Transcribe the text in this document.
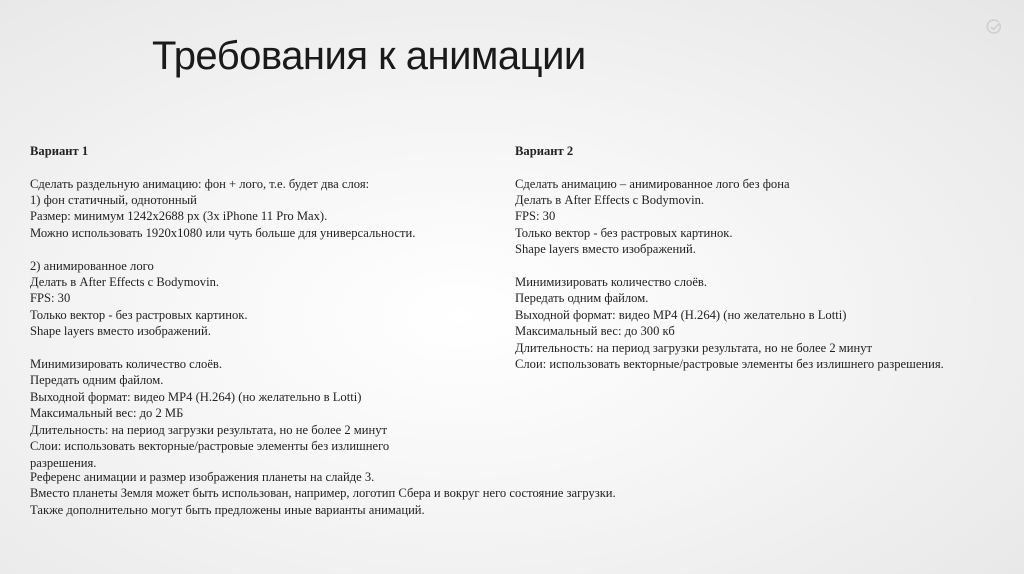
Требования к анимации

Вариант 1

Сделать раздельную анимацию: фон + лого, т.е. будет два слоя:
1) фон статичный, однотонный
Размер: минимум 1242x2688 px (3x iPhone 11 Pro Max).
Можно использовать 1920x1080 или чуть больше для универсальности.
2) анимированное лого
Делать в After Effects с Bodymovin.
FPS: 30
Только вектор - без растровых картинок.
Shape layers вместо изображений.
Минимизировать количество слоёв.
Передать одним файлом.
Выходной формат: видео MP4 (H.264) (но желательно в Lotti)
Максимальный вес: до 2 МБ
Длительность: на период загрузки результата, но не более 2 минут
Слои: использовать векторные/растровые элементы без излишнего
разрешения.

Вариант 2

Сделать анимацию – анимированное лого без фона
Делать в After Effects с Bodymovin.
FPS: 30
Только вектор - без растровых картинок.
Shape layers вместо изображений.
Минимизировать количество слоёв.
Передать одним файлом.
Выходной формат: видео MP4 (H.264) (но желательно в Lotti)
Максимальный вес: до 300 кб
Длительность: на период загрузки результата, но не более 2 минут
Слои: использовать векторные/растровые элементы без излишнего разрешения.
Референс анимации и размер изображения планеты на слайде 3.
Вместо планеты Земля может быть использован, например, логотип Сбера и вокруг него состояние загрузки.
Также дополнительно могут быть предложены иные варианты анимаций.
